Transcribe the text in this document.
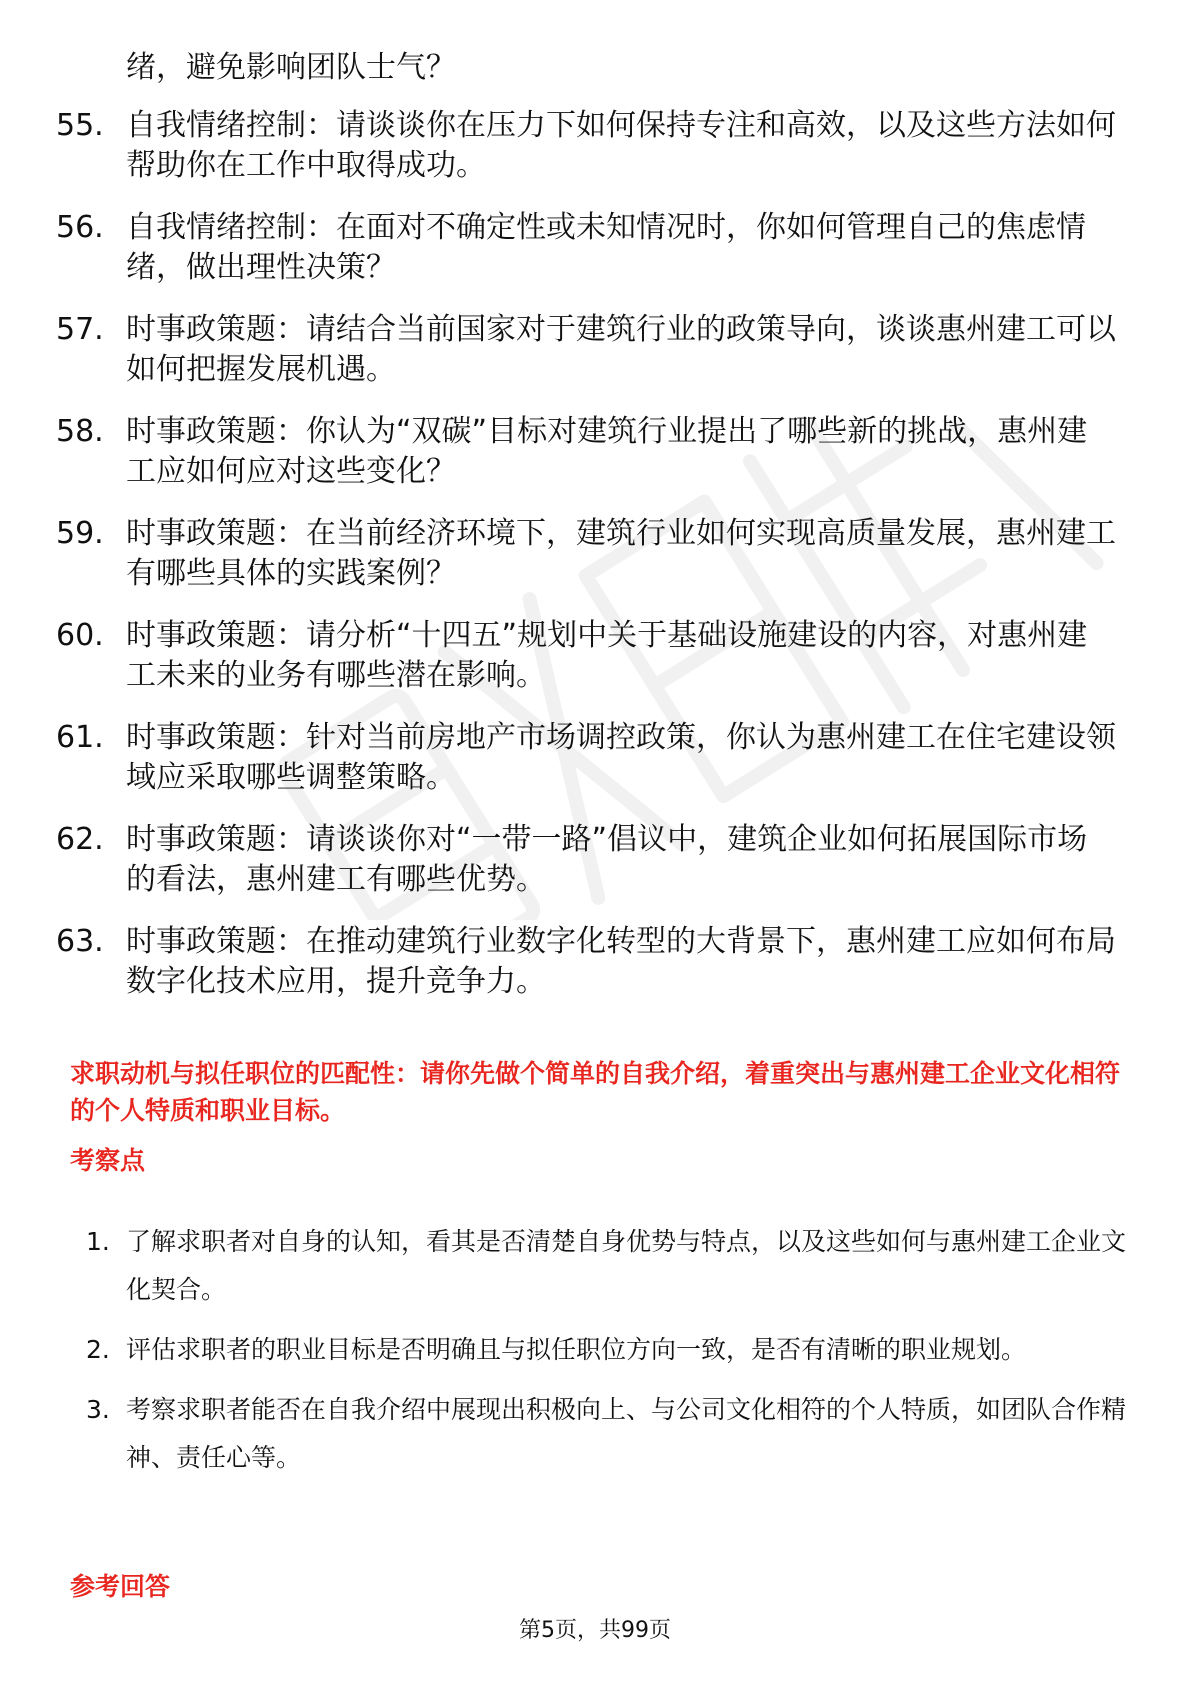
绪，避免影响团队士气？
55. 自我情绪控制：请谈谈你在压力下如何保持专注和高效，以及这些方法如何帮助你在工作中取得成功。
56. 自我情绪控制：在面对不确定性或未知情况时，你如何管理自己的焦虑情绪，做出理性决策？
57. 时事政策题：请结合当前国家对于建筑行业的政策导向，谈谈惠州建工可以如何把握发展机遇。
58. 时事政策题：你认为“双碳”目标对建筑行业提出了哪些新的挑战，惠州建工应如何应对这些变化？
59. 时事政策题：在当前经济环境下，建筑行业如何实现高质量发展，惠州建工有哪些具体的实践案例？
60. 时事政策题：请分析“十四五”规划中关于基础设施建设的内容，对惠州建工未来的业务有哪些潜在影响。
61. 时事政策题：针对当前房地产市场调控政策，你认为惠州建工在住宅建设领域应采取哪些调整策略。
62. 时事政策题：请谈谈你对“一带一路”倡议中，建筑企业如何拓展国际市场的看法，惠州建工有哪些优势。
63. 时事政策题：在推动建筑行业数字化转型的大背景下，惠州建工应如何布局数字化技术应用，提升竞争力。

求职动机与拟任职位的匹配性：请你先做个简单的自我介绍，着重突出与惠州建工企业文化相符的个人特质和职业目标。

考察点

1. 了解求职者对自身的认知，看其是否清楚自身优势与特点，以及这些如何与惠州建工企业文化契合。
2. 评估求职者的职业目标是否明确且与拟任职位方向一致，是否有清晰的职业规划。
3. 考察求职者能否在自我介绍中展现出积极向上、与公司文化相符的个人特质，如团队合作精神、责任心等。

参考回答

第5页，共99页
